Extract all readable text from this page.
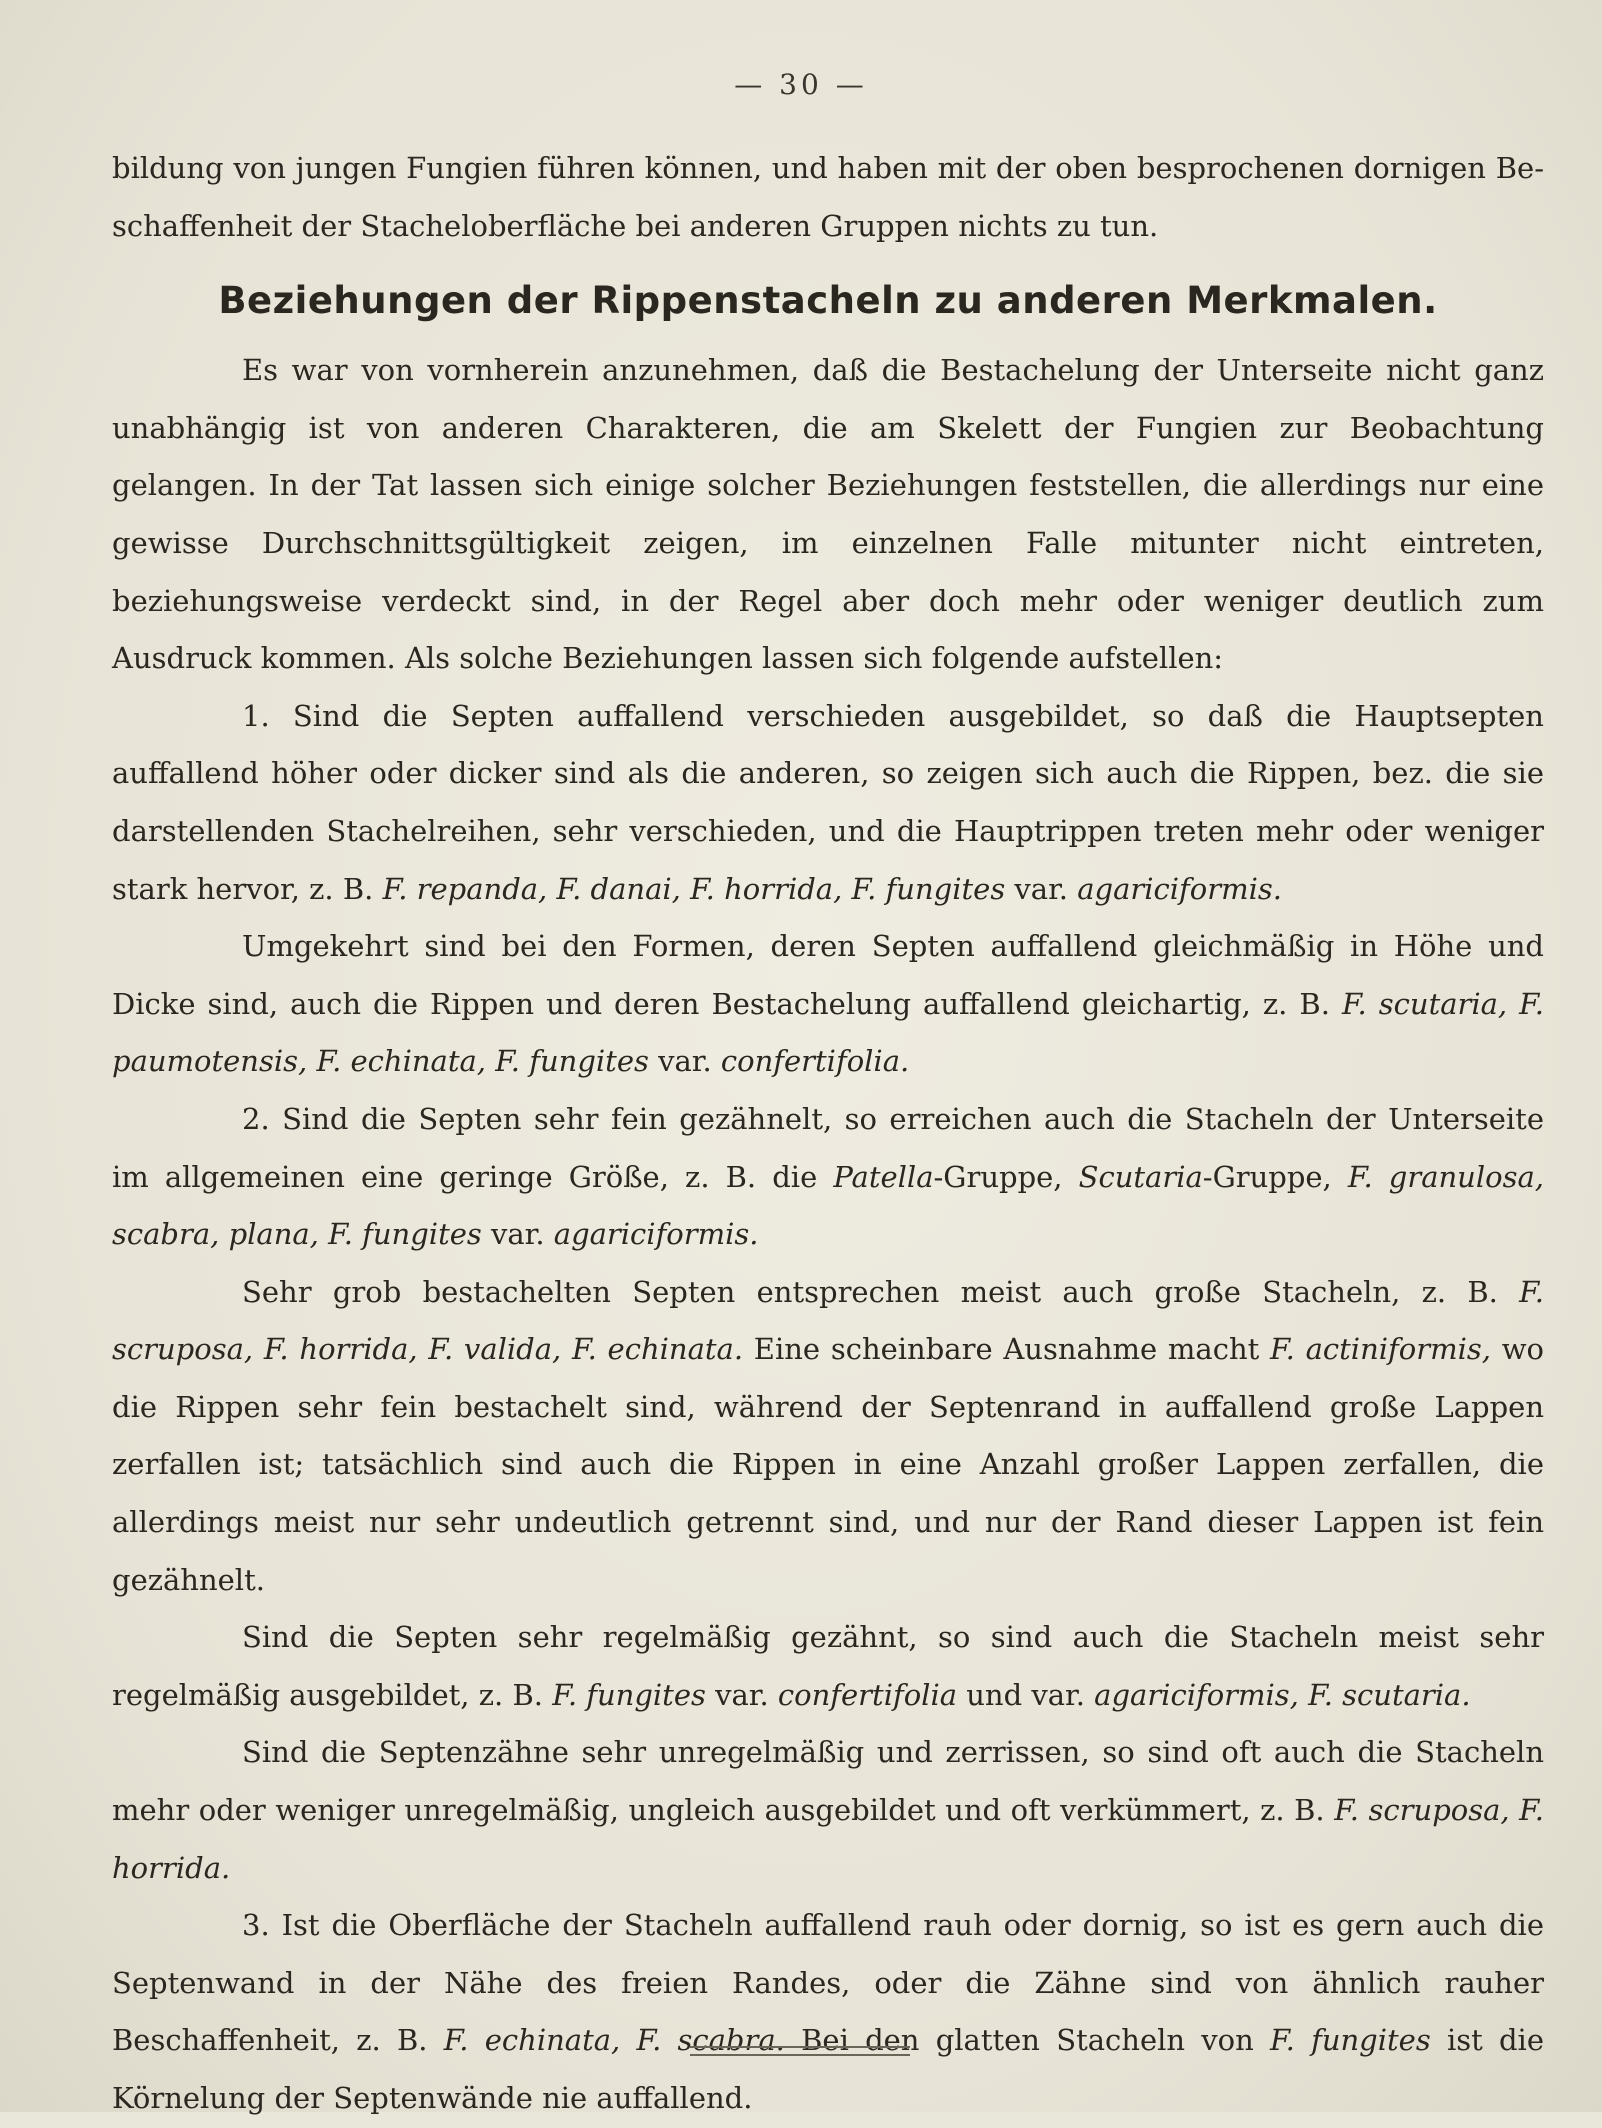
— 30 —

bildung von jungen Fungien führen können, und haben mit der oben besprochenen dornigen Be-

schaffenheit der Stacheloberfläche bei anderen Gruppen nichts zu tun.

Beziehungen der Rippenstacheln zu anderen Merkmalen.

Es war von vornherein anzunehmen, daß die Bestachelung der Unterseite nicht ganz unabhängig ist von anderen Charakteren, die am Skelett der Fungien zur Beobachtung gelangen. In der Tat lassen sich einige solcher Beziehungen feststellen, die allerdings nur eine gewisse Durchschnittsgültigkeit zeigen, im einzelnen Falle mitunter nicht eintreten, beziehungsweise verdeckt sind, in der Regel aber doch mehr oder weniger deutlich zum Ausdruck kommen. Als solche Beziehungen lassen sich folgende aufstellen:

1. Sind die Septen auffallend verschieden ausgebildet, so daß die Hauptsepten auffallend höher oder dicker sind als die anderen, so zeigen sich auch die Rippen, bez. die sie darstellenden Stachelreihen, sehr verschieden, und die Hauptrippen treten mehr oder weniger stark hervor, z. B. F. repanda, F. danai, F. horrida, F. fungites var. agariciformis.

Umgekehrt sind bei den Formen, deren Septen auffallend gleichmäßig in Höhe und Dicke sind, auch die Rippen und deren Bestachelung auffallend gleichartig, z. B. F. scutaria, F. paumotensis, F. echinata, F. fungites var. confertifolia.

2. Sind die Septen sehr fein gezähnelt, so erreichen auch die Stacheln der Unterseite im allgemeinen eine geringe Größe, z. B. die Patella-Gruppe, Scutaria-Gruppe, F. granulosa, scabra, plana, F. fungites var. agariciformis.

Sehr grob bestachelten Septen entsprechen meist auch große Stacheln, z. B. F. scruposa, F. horrida, F. valida, F. echinata. Eine scheinbare Ausnahme macht F. actiniformis, wo die Rippen sehr fein bestachelt sind, während der Septenrand in auffallend große Lappen zerfallen ist; tatsächlich sind auch die Rippen in eine Anzahl großer Lappen zerfallen, die allerdings meist nur sehr undeutlich getrennt sind, und nur der Rand dieser Lappen ist fein gezähnelt.

Sind die Septen sehr regelmäßig gezähnt, so sind auch die Stacheln meist sehr regelmäßig ausgebildet, z. B. F. fungites var. confertifolia und var. agariciformis, F. scutaria.

Sind die Septenzähne sehr unregelmäßig und zerrissen, so sind oft auch die Stacheln mehr oder weniger unregelmäßig, ungleich ausgebildet und oft verkümmert, z. B. F. scruposa, F. horrida.

3. Ist die Oberfläche der Stacheln auffallend rauh oder dornig, so ist es gern auch die Septenwand in der Nähe des freien Randes, oder die Zähne sind von ähnlich rauher Beschaffenheit, z. B. F. echinata, F. scabra. Bei den glatten Stacheln von F. fungites ist die Körnelung der Septenwände nie auffallend.
